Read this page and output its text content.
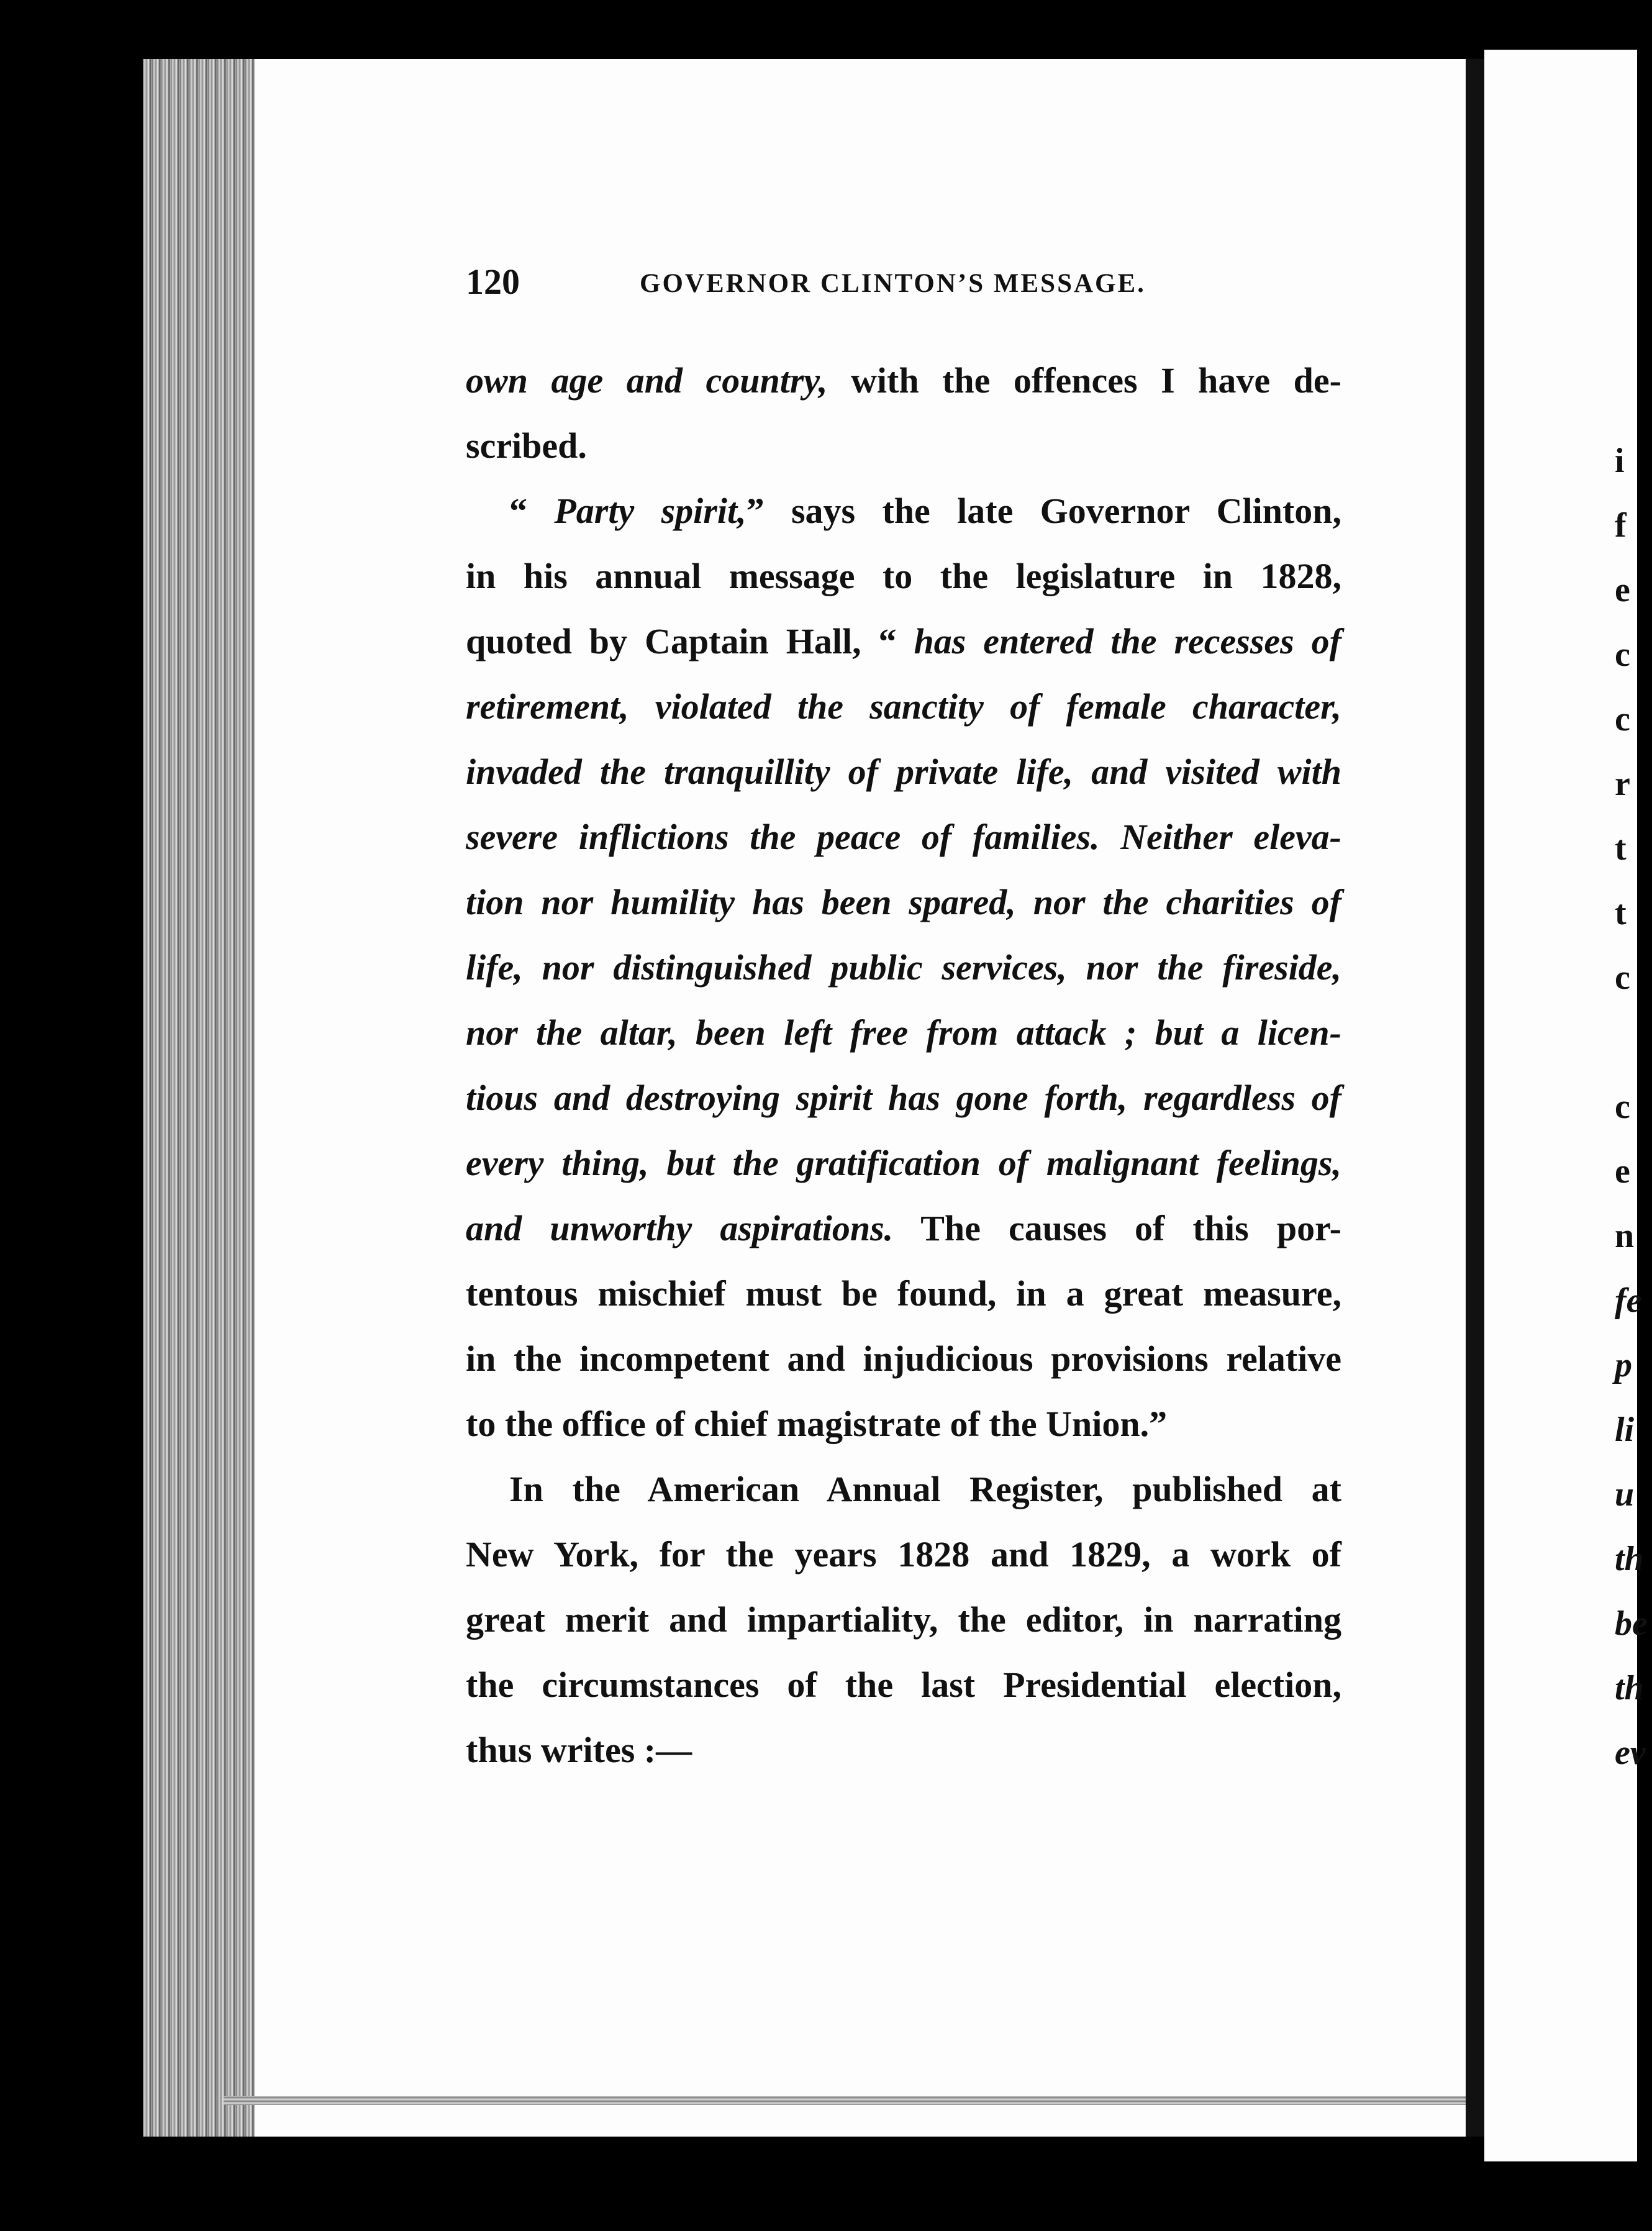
i
f
e
c
c
r
t
t
c

c
e
n
fe
p
li
u
th
be
th
ev
120	GOVERNOR CLINTON’S MESSAGE.
own age and country, with the offences I have de-
scribed.
“ Party spirit,” says the late Governor Clinton,
in his annual message to the legislature in 1828,
quoted by Captain Hall, “ has entered the recesses of
retirement, violated the sanctity of female character,
invaded the tranquillity of private life, and visited with
severe inflictions the peace of families. Neither eleva-
tion nor humility has been spared, nor the charities of
life, nor distinguished public services, nor the fireside,
nor the altar, been left free from attack ; but a licen-
tious and destroying spirit has gone forth, regardless of
every thing, but the gratification of malignant feelings,
and unworthy aspirations. The causes of this por-
tentous mischief must be found, in a great measure,
in the incompetent and injudicious provisions relative
to the office of chief magistrate of the Union.”
In the American Annual Register, published at
New York, for the years 1828 and 1829, a work of
great merit and impartiality, the editor, in narrating
the circumstances of the last Presidential election,
thus writes :—
